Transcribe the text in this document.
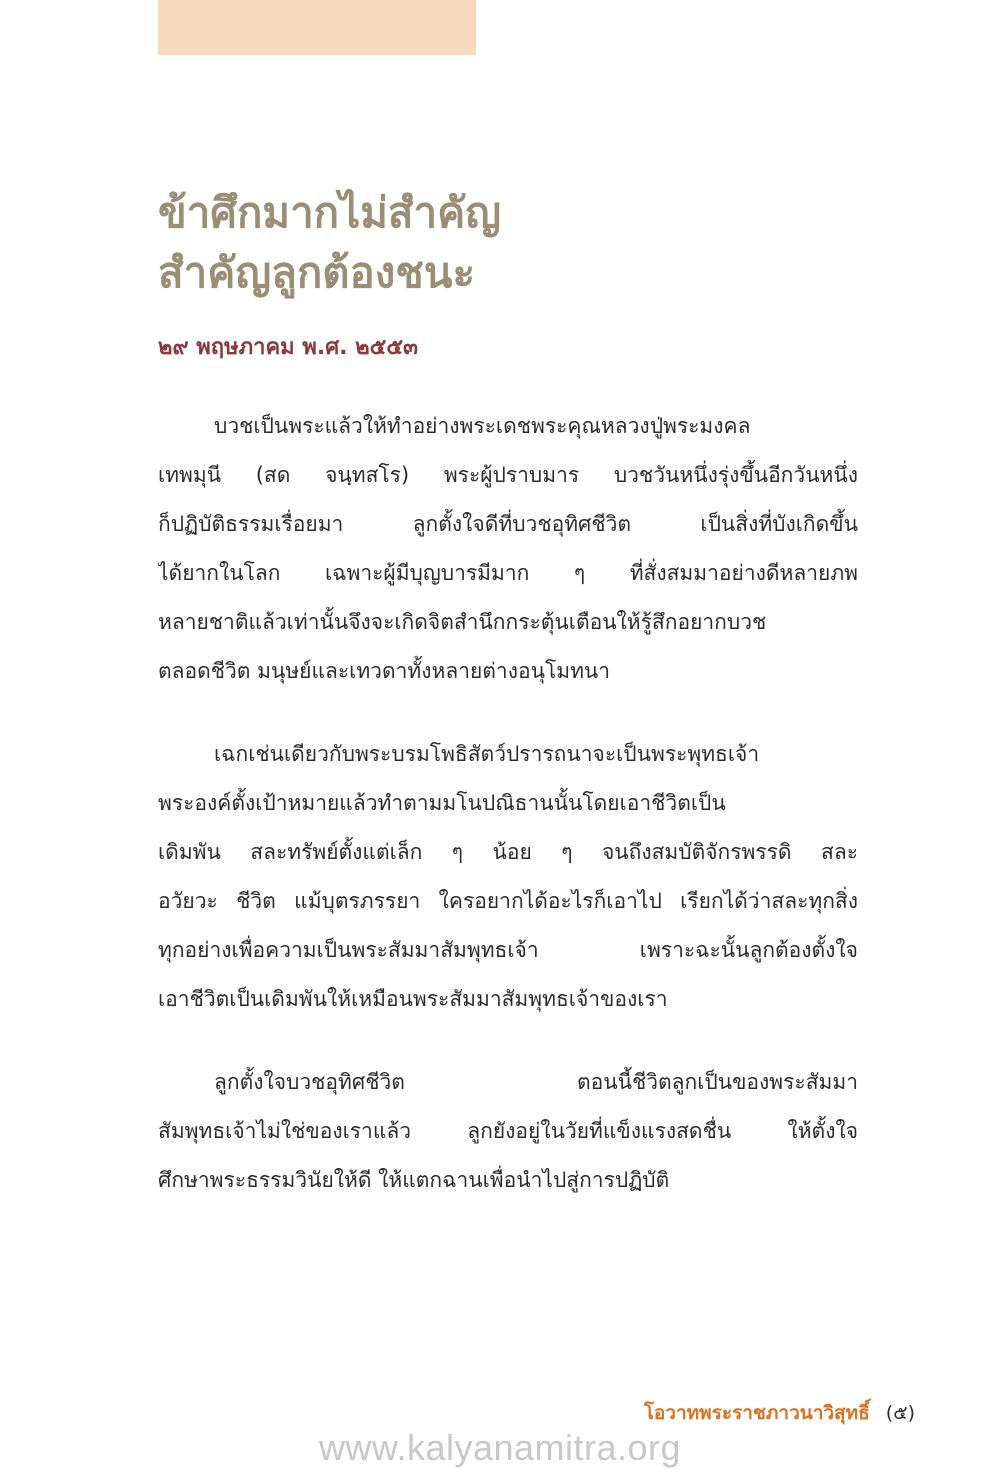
ข้าศึกมากไม่สำคัญ
สำคัญลูกต้องชนะ
๒๙ พฤษภาคม พ.ศ. ๒๕๕๓

บวชเป็นพระแล้วให้ทำอย่างพระเดชพระคุณหลวงปู่พระมงคล
เทพมุนี (สด จนฺทสโร) พระผู้ปราบมาร บวชวันหนึ่งรุ่งขึ้นอีกวันหนึ่ง
ก็ปฏิบัติธรรมเรื่อยมา ลูกตั้งใจดีที่บวชอุทิศชีวิต เป็นสิ่งที่บังเกิดขึ้น
ได้ยากในโลก เฉพาะผู้มีบุญบารมีมาก ๆ ที่สั่งสมมาอย่างดีหลายภพ
หลายชาติแล้วเท่านั้นจึงจะเกิดจิตสำนึกกระตุ้นเตือนให้รู้สึกอยากบวช
ตลอดชีวิต มนุษย์และเทวดาทั้งหลายต่างอนุโมทนา

เฉกเช่นเดียวกับพระบรมโพธิสัตว์ปรารถนาจะเป็นพระพุทธเจ้า
พระองค์ตั้งเป้าหมายแล้วทำตามมโนปณิธานนั้นโดยเอาชีวิตเป็น
เดิมพัน สละทรัพย์ตั้งแต่เล็ก ๆ น้อย ๆ จนถึงสมบัติจักรพรรดิ สละ
อวัยวะ ชีวิต แม้บุตรภรรยา ใครอยากได้อะไรก็เอาไป เรียกได้ว่าสละทุกสิ่ง
ทุกอย่างเพื่อความเป็นพระสัมมาสัมพุทธเจ้า เพราะฉะนั้นลูกต้องตั้งใจ
เอาชีวิตเป็นเดิมพันให้เหมือนพระสัมมาสัมพุทธเจ้าของเรา

ลูกตั้งใจบวชอุทิศชีวิต ตอนนี้ชีวิตลูกเป็นของพระสัมมา
สัมพุทธเจ้าไม่ใช่ของเราแล้ว ลูกยังอยู่ในวัยที่แข็งแรงสดชื่น ให้ตั้งใจ
ศึกษาพระธรรมวินัยให้ดี ให้แตกฉานเพื่อนำไปสู่การปฏิบัติ

โอวาทพระราชภาวนาวิสุทธิ์ (๕)
www.kalyanamitra.org
